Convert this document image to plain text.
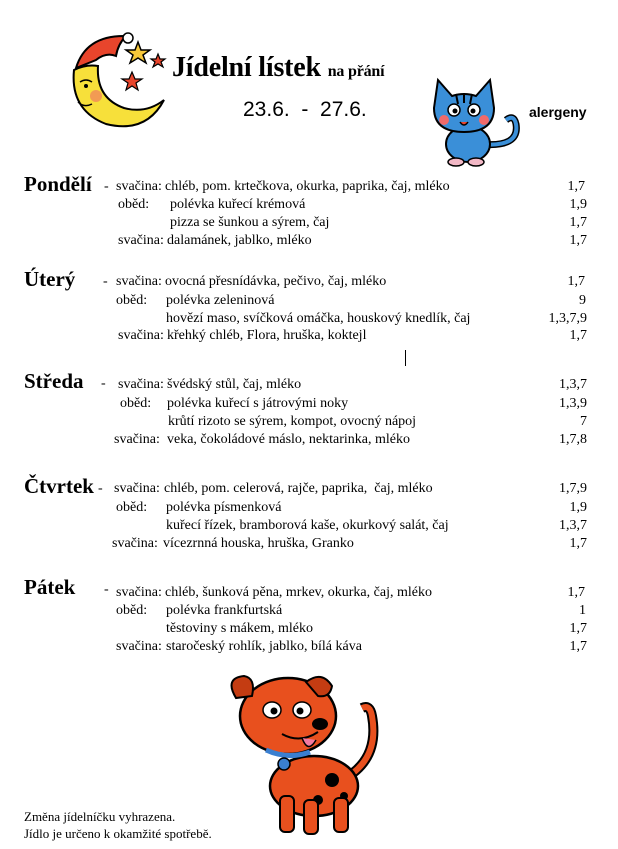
Jídelní lístek na přání
23.6.  -  27.6.	alergeny
Pondělí - svačina: chléb, pom. krtečkova, okurka, paprika, čaj, mléko	1,7
oběd: polévka kuřecí krémová	1,9
pizza se šunkou a sýrem, čaj	1,7
svačina: dalamánek, jablko, mléko	1,7
Úterý - svačina: ovocná přesnídávka, pečivo, čaj, mléko	1,7
oběd: polévka zeleninová	9
hovězí maso, svíčková omáčka, houskový knedlík, čaj	1,3,7,9
svačina: křehký chléb, Flora, hruška, koktejl	1,7
Středa - svačina: švédský stůl, čaj, mléko	1,3,7
oběd: polévka kuřecí s játrovými noky	1,3,9
krůtí rizoto se sýrem, kompot, ovocný nápoj	7
svačina: veka, čokoládové máslo, nektarinka, mléko	1,7,8
Čtvrtek - svačina: chléb, pom. celerová, rajče, paprika,  čaj, mléko	1,7,9
oběd: polévka písmenková	1,9
kuřecí řízek, bramborová kaše, okurkový salát, čaj	1,3,7
svačina: vícezrnná houska, hruška, Granko	1,7
Pátek - svačina: chléb, šunková pěna, mrkev, okurka, čaj, mléko	1,7
oběd: polévka frankfurtská	1
těstoviny s mákem, mléko	1,7
svačina: staročeský rohlík, jablko, bílá káva	1,7
Změna jídelníčku vyhrazena.
Jídlo je určeno k okamžité spotřebě.
